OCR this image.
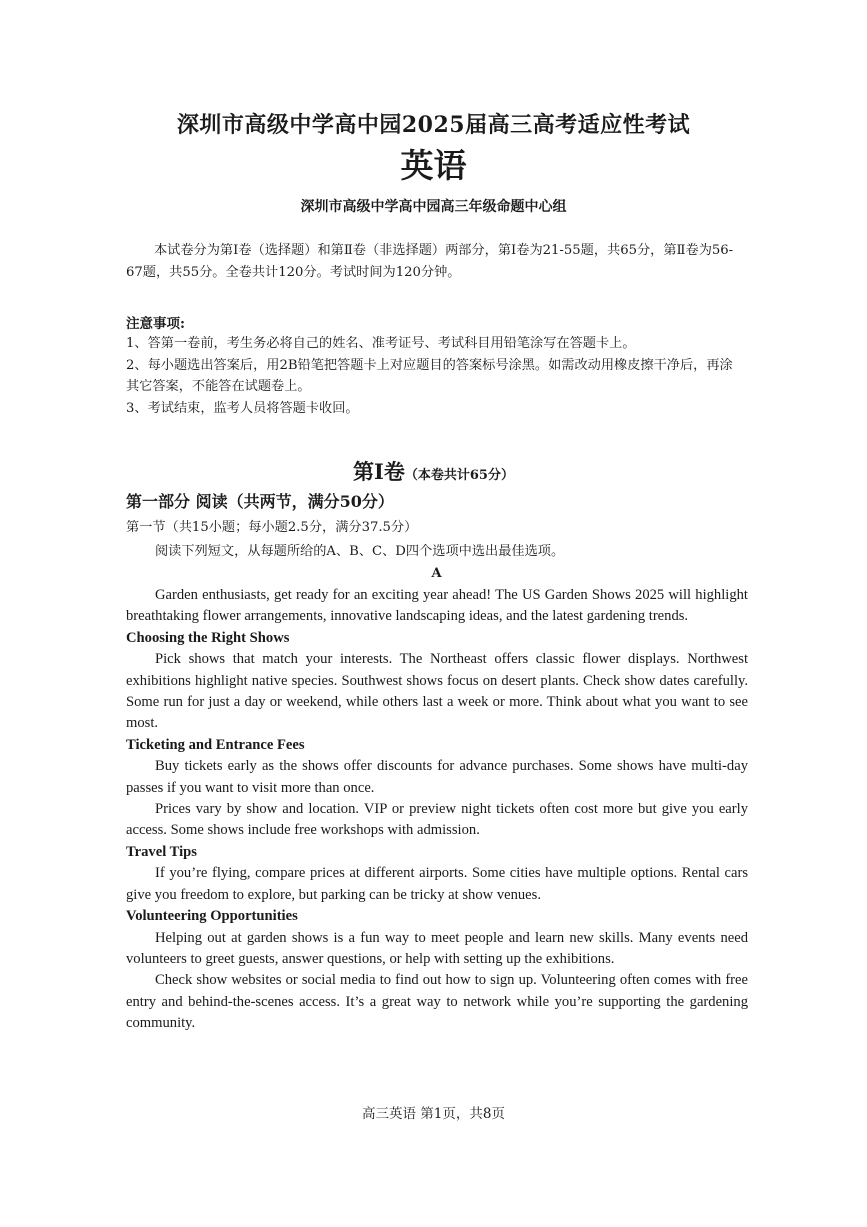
深圳市高级中学高中园2025届高三高考适应性考试
英语
深圳市高级中学高中园高三年级命题中心组
本试卷分为第Ⅰ卷（选择题）和第Ⅱ卷（非选择题）两部分，第Ⅰ卷为21-55题，共65分，第Ⅱ卷为56-67题，共55分。全卷共计120分。考试时间为120分钟。
注意事项:

1、答第一卷前，考生务必将自己的姓名、准考证号、考试科目用铅笔涂写在答题卡上。

2、每小题选出答案后，用2B铅笔把答题卡上对应题目的答案标号涂黑。如需改动用橡皮擦干净后，再涂其它答案，不能答在试题卷上。

3、考试结束，监考人员将答题卡收回。

第Ⅰ卷（本卷共计65分）
第一部分 阅读（共两节，满分50分）
第一节（共15小题；每小题2.5分，满分37.5分）
阅读下列短文，从每题所给的A、B、C、D四个选项中选出最佳选项。
A

Garden enthusiasts, get ready for an exciting year ahead! The US Garden Shows 2025 will highlight breathtaking flower arrangements, innovative landscaping ideas, and the latest gardening trends.

Choosing the Right Shows

Pick shows that match your interests. The Northeast offers classic flower displays. Northwest exhibitions highlight native species. Southwest shows focus on desert plants. Check show dates carefully. Some run for just a day or weekend, while others last a week or more. Think about what you want to see most.

Ticketing and Entrance Fees

Buy tickets early as the shows offer discounts for advance purchases. Some shows have multi-day passes if you want to visit more than once.

Prices vary by show and location. VIP or preview night tickets often cost more but give you early access. Some shows include free workshops with admission.

Travel Tips

If you’re flying, compare prices at different airports. Some cities have multiple options. Rental cars give you freedom to explore, but parking can be tricky at show venues.

Volunteering Opportunities

Helping out at garden shows is a fun way to meet people and learn new skills. Many events need volunteers to greet guests, answer questions, or help with setting up the exhibitions.

Check show websites or social media to find out how to sign up. Volunteering often comes with free entry and behind-the-scenes access. It’s a great way to network while you’re supporting the gardening community.

高三英语 第1页，共8页
